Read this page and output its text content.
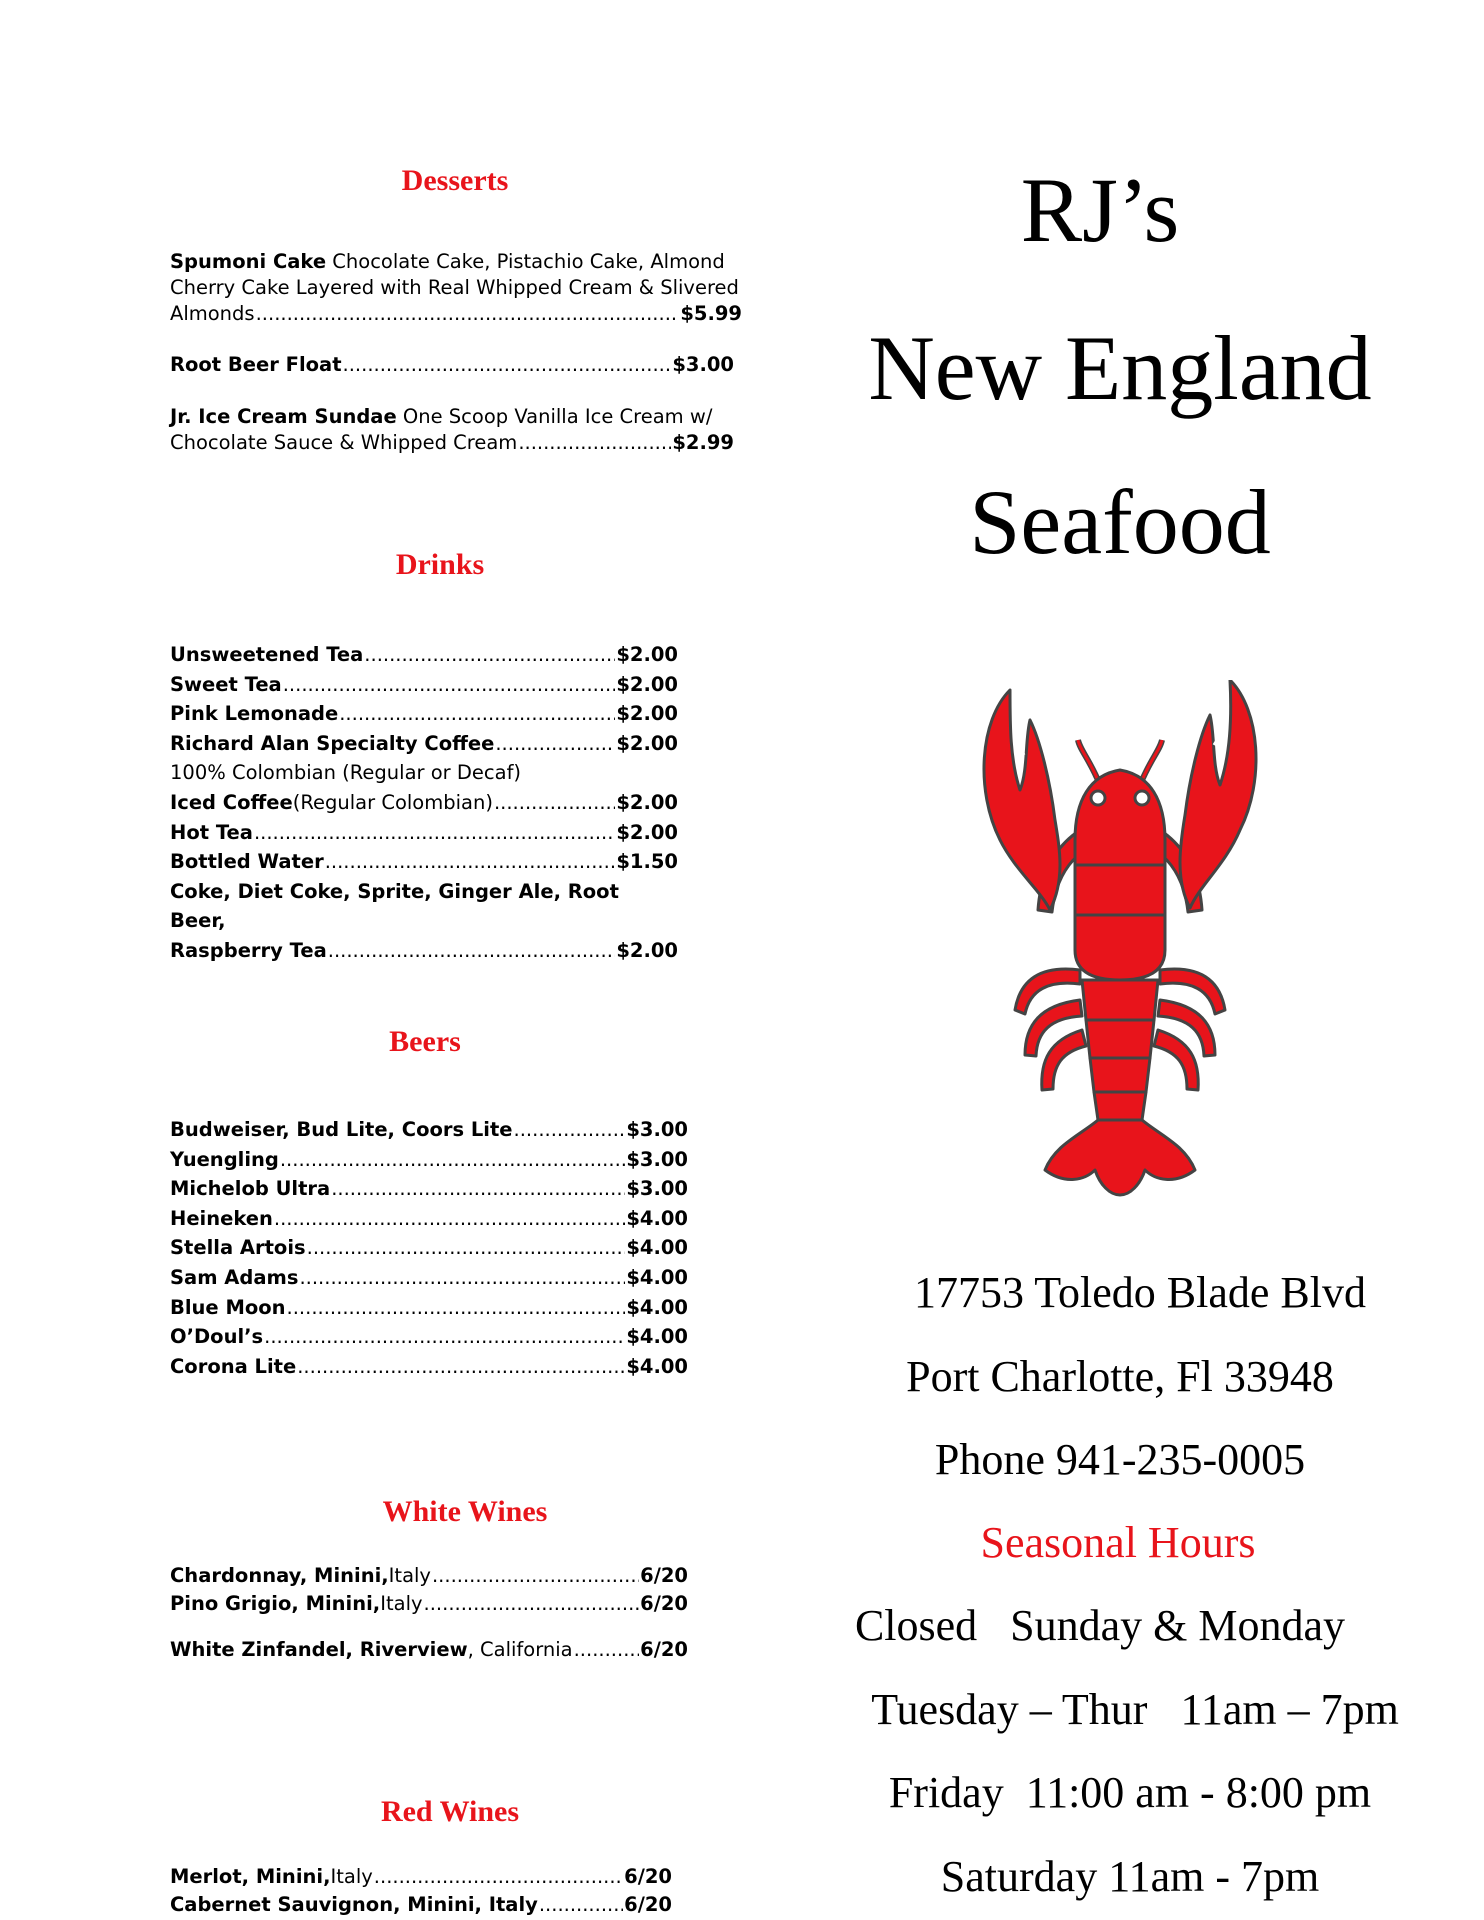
Desserts
Spumoni Cake Chocolate Cake, Pistachio Cake, Almond
Cherry Cake Layered with Real Whipped Cream & Slivered
Almonds .....	$5.99
Root Beer Float .....	$3.00
Jr. Ice Cream Sundae One Scoop Vanilla Ice Cream w/
Chocolate Sauce & Whipped Cream .....	$2.99
Drinks
Unsweetened Tea .....	$2.00
Sweet Tea .....	$2.00
Pink Lemonade .....	$2.00
Richard Alan Specialty Coffee .....	$2.00
100% Colombian (Regular or Decaf)
Iced Coffee (Regular Colombian) .....	$2.00
Hot Tea .....	$2.00
Bottled Water .....	$1.50
Coke, Diet Coke, Sprite, Ginger Ale, Root Beer,
Raspberry Tea .....	$2.00
Beers
Budweiser, Bud Lite, Coors Lite .....	$3.00
Yuengling .....	$3.00
Michelob Ultra .....	$3.00
Heineken .....	$4.00
Stella Artois .....	$4.00
Sam Adams .....	$4.00
Blue Moon .....	$4.00
O’Doul’s .....	$4.00
Corona Lite .....	$4.00
White Wines
Chardonnay, Minini, Italy .....	6/20
Pino Grigio, Minini, Italy .....	6/20
White Zinfandel, Riverview , California .....	6/20
Red Wines
Merlot, Minini, Italy .....	6/20
Cabernet Sauvignon, Minini, Italy .....	6/20
RJ’s
New England
Seafood
17753 Toledo Blade Blvd
Port Charlotte, Fl 33948
Phone 941-235-0005
Seasonal Hours
Closed   Sunday & Monday
Tuesday – Thur   11am – 7pm
Friday  11:00 am - 8:00 pm
Saturday 11am - 7pm
